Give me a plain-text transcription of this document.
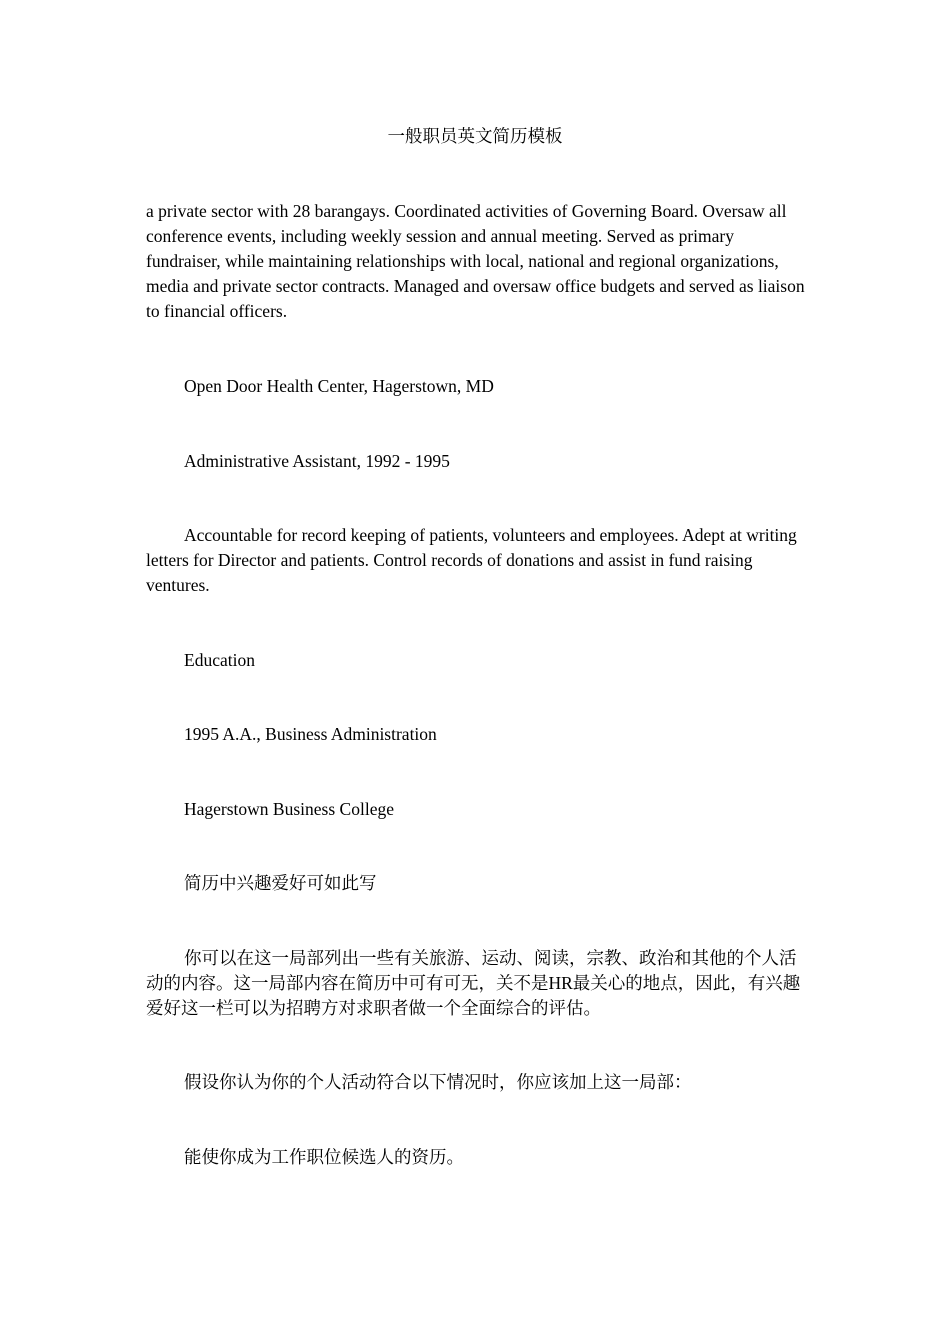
一般职员英文简历模板

a private sector with 28 barangays. Coordinated activities of Governing Board. Oversaw all conference events, including weekly session and annual meeting. Served as primary fundraiser, while maintaining relationships with local, national and regional organizations, media and private sector contracts. Managed and oversaw office budgets and served as liaison to financial officers.

Open Door Health Center, Hagerstown, MD

Administrative Assistant, 1992 - 1995

Accountable for record keeping of patients, volunteers and employees. Adept at writing letters for Director and patients. Control records of donations and assist in fund raising ventures.

Education

1995 A.A., Business Administration

Hagerstown Business College

简历中兴趣爱好可如此写

你可以在这一局部列出一些有关旅游、运动、阅读，宗教、政治和其他的个人活动的内容。这一局部内容在简历中可有可无，关不是HR最关心的地点，因此，有兴趣爱好这一栏可以为招聘方对求职者做一个全面综合的评估。

假设你认为你的个人活动符合以下情况时，你应该加上这一局部：

能使你成为工作职位候选人的资历。
